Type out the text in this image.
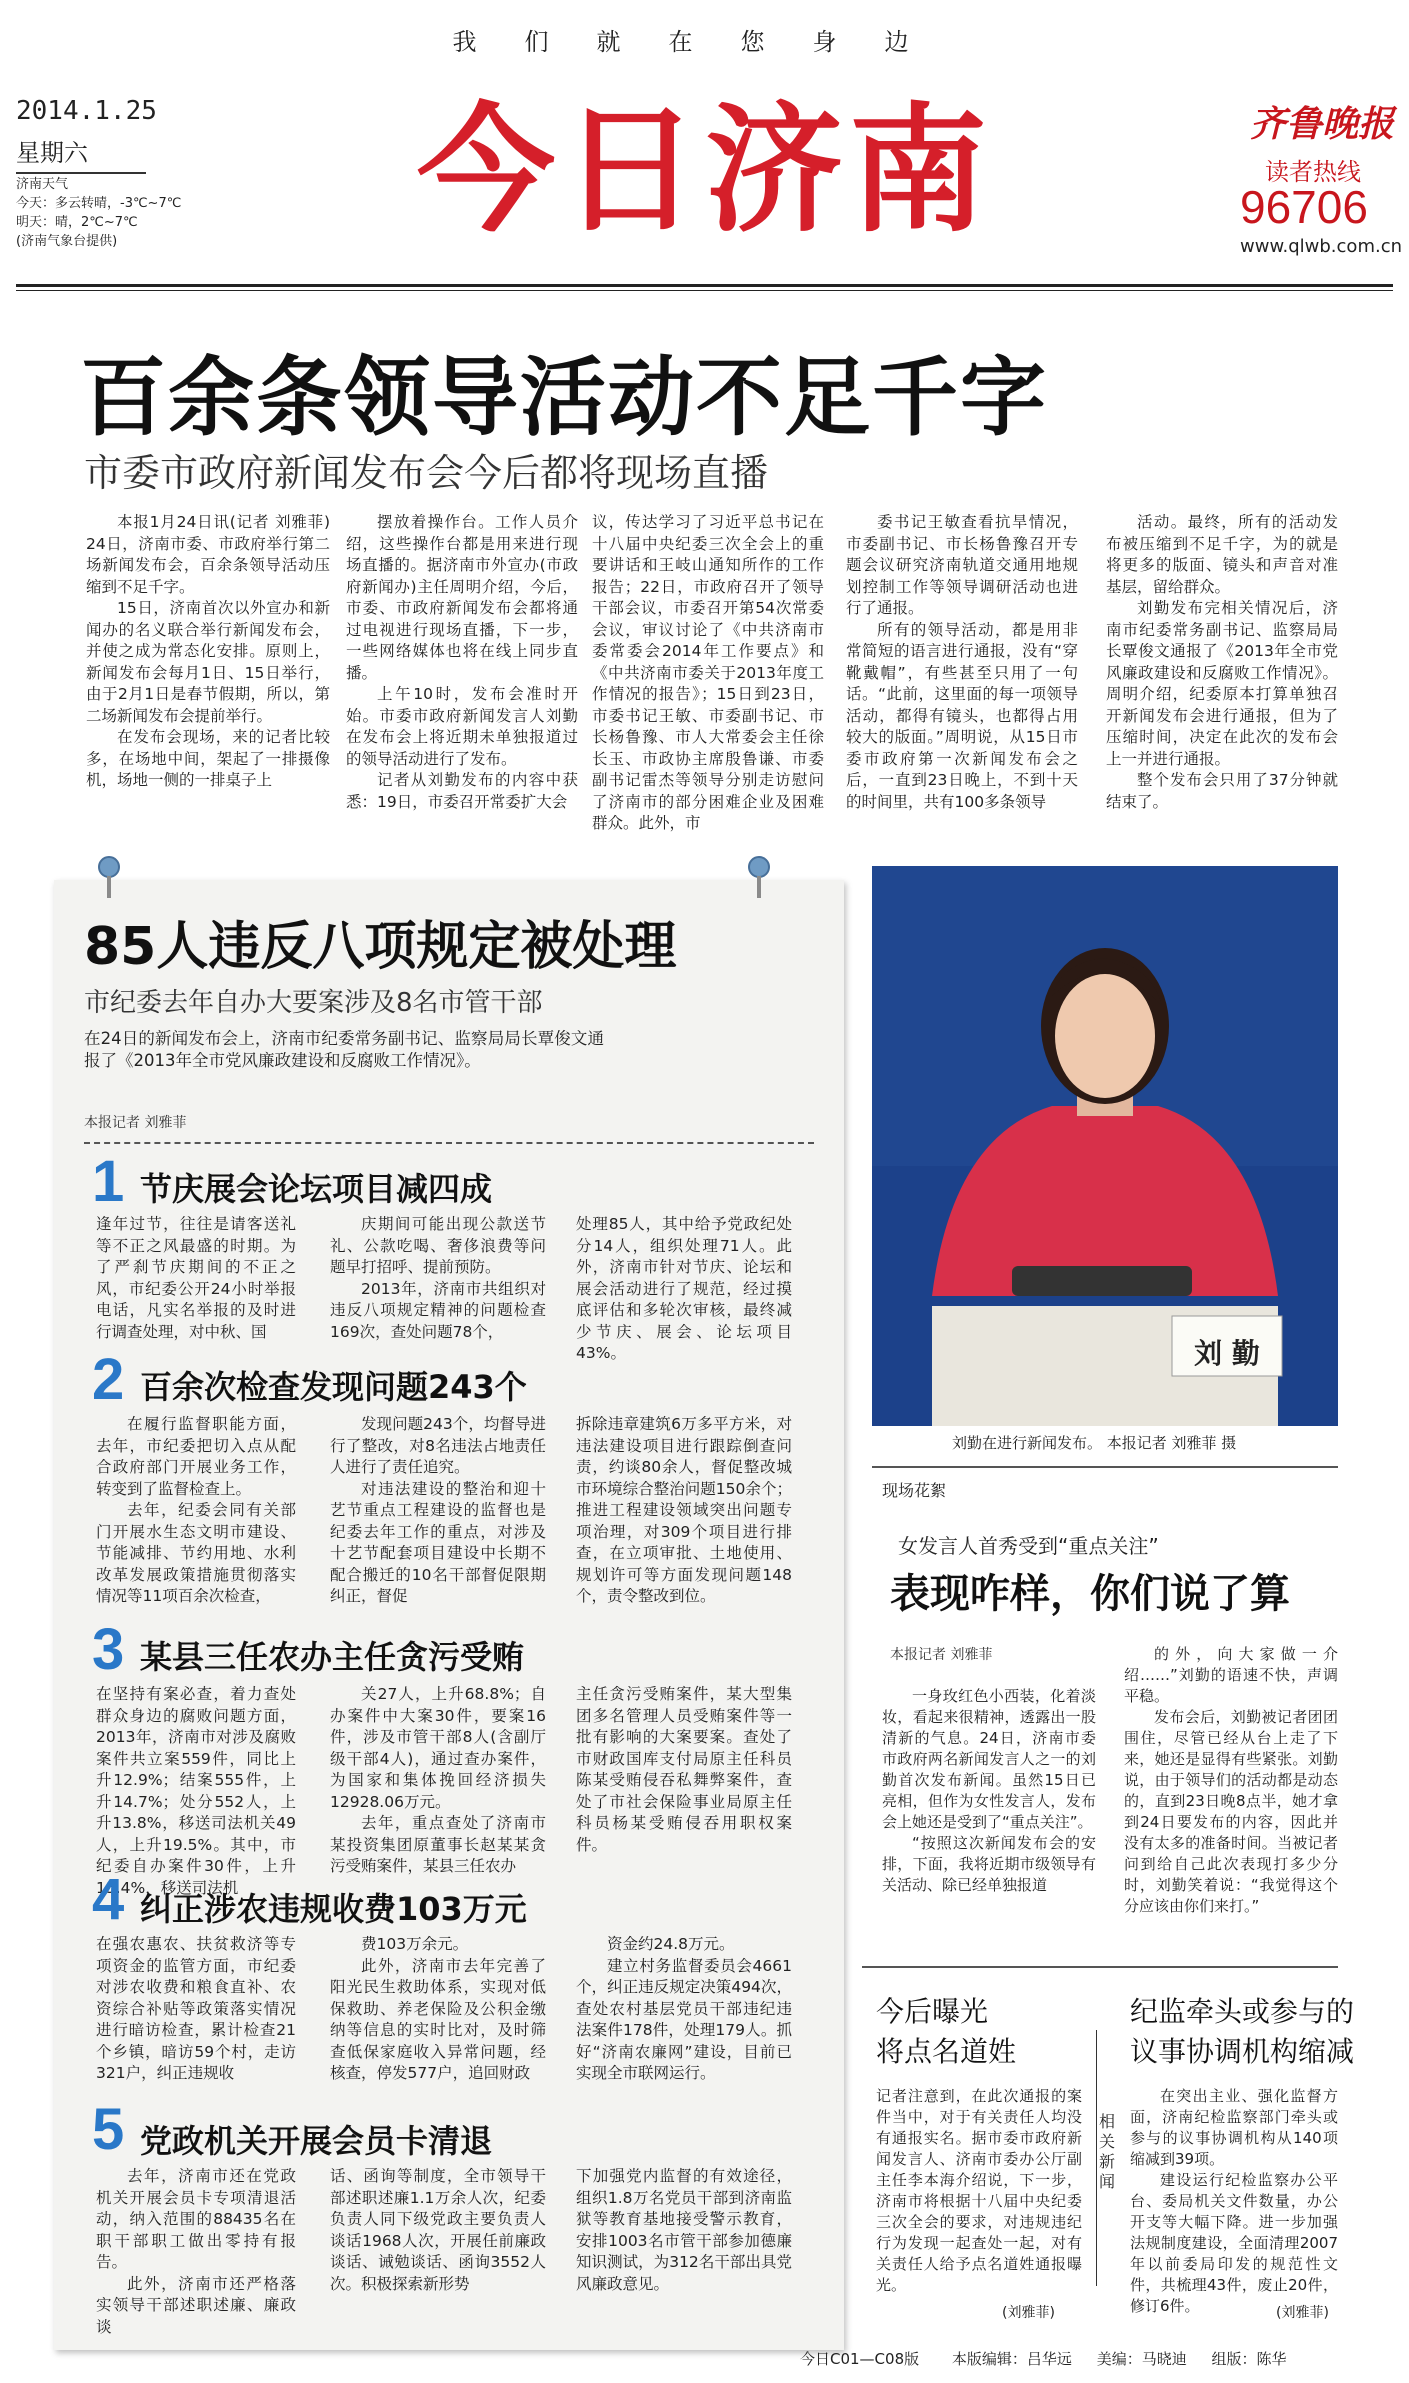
我们就在您身边
2014.1.25
星期六
济南天气
今天：多云转晴，-3℃~7℃
明天：晴，2℃~7℃
(济南气象台提供)	今日济南	齐鲁晚报
读者热线
96706
www.qlwb.com.cn
百余条领导活动不足千字
市委市政府新闻发布会今后都将现场直播

本报1月24日讯(记者 刘雅菲) 24日，济南市委、市政府举行第二场新闻发布会，百余条领导活动压缩到不足千字。

15日，济南首次以外宣办和新闻办的名义联合举行新闻发布会，并使之成为常态化安排。原则上，新闻发布会每月1日、15日举行，由于2月1日是春节假期，所以，第二场新闻发布会提前举行。

在发布会现场，来的记者比较多，在场地中间，架起了一排摄像机，场地一侧的一排桌子上

摆放着操作台。工作人员介绍，这些操作台都是用来进行现场直播的。据济南市外宣办(市政府新闻办)主任周明介绍，今后，市委、市政府新闻发布会都将通过电视进行现场直播，下一步，一些网络媒体也将在线上同步直播。

上午10时，发布会准时开始。市委市政府新闻发言人刘勤在发布会上将近期未单独报道过的领导活动进行了发布。

记者从刘勤发布的内容中获悉：19日，市委召开常委扩大会

议，传达学习了习近平总书记在十八届中央纪委三次全会上的重要讲话和王岐山通知所作的工作报告；22日，市政府召开了领导干部会议，市委召开第54次常委会议，审议讨论了《中共济南市委常委会2014年工作要点》和《中共济南市委关于2013年度工作情况的报告》；15日到23日，市委书记王敏、市委副书记、市长杨鲁豫、市人大常委会主任徐长玉、市政协主席殷鲁谦、市委副书记雷杰等领导分别走访慰问了济南市的部分困难企业及困难群众。此外，市

委书记王敏查看抗旱情况，市委副书记、市长杨鲁豫召开专题会议研究济南轨道交通用地规划控制工作等领导调研活动也进行了通报。

所有的领导活动，都是用非常简短的语言进行通报，没有“穿靴戴帽”，有些甚至只用了一句话。“此前，这里面的每一项领导活动，都得有镜头，也都得占用较大的版面。”周明说，从15日市委市政府第一次新闻发布会之后，一直到23日晚上，不到十天的时间里，共有100多条领导

活动。最终，所有的活动发布被压缩到不足千字，为的就是将更多的版面、镜头和声音对准基层，留给群众。

刘勤发布完相关情况后，济南市纪委常务副书记、监察局局长覃俊文通报了《2013年全市党风廉政建设和反腐败工作情况》。周明介绍，纪委原本打算单独召开新闻发布会进行通报，但为了压缩时间，决定在此次的发布会上一并进行通报。

整个发布会只用了37分钟就结束了。

85人违反八项规定被处理
市纪委去年自办大要案涉及8名市管干部
在24日的新闻发布会上，济南市纪委常务副书记、监察局局长覃俊文通报了《2013年全市党风廉政建设和反腐败工作情况》。
本报记者 刘雅菲
1 节庆展会论坛项目减四成
逢年过节，往往是请客送礼等不正之风最盛的时期。为了严刹节庆期间的不正之风，市纪委公开24小时举报电话，凡实名举报的及时进行调查处理，对中秋、国

庆期间可能出现公款送节礼、公款吃喝、奢侈浪费等问题早打招呼、提前预防。

2013年，济南市共组织对违反八项规定精神的问题检查169次，查处问题78个，

处理85人，其中给予党政纪处分14人，组织处理71人。此外，济南市针对节庆、论坛和展会活动进行了规范，经过摸底评估和多轮次审核，最终减少节庆、展会、论坛项目43%。
2 百余次检查发现问题243个

在履行监督职能方面，去年，市纪委把切入点从配合政府部门开展业务工作，转变到了监督检查上。

去年，纪委会同有关部门开展水生态文明市建设、节能减排、节约用地、水利改革发展政策措施贯彻落实情况等11项百余次检查，

发现问题243个，均督导进行了整改，对8名违法占地责任人进行了责任追究。

对违法建设的整治和迎十艺节重点工程建设的监督也是纪委去年工作的重点，对涉及十艺节配套项目建设中长期不配合搬迁的10名干部督促限期纠正，督促

拆除违章建筑6万多平方米，对违法建设项目进行跟踪倒查问责，约谈80余人，督促整改城市环境综合整治问题150余个；推进工程建设领域突出问题专项治理，对309个项目进行排查，在立项审批、土地使用、规划许可等方面发现问题148个，责令整改到位。
3 某县三任农办主任贪污受贿
在坚持有案必查，着力查处群众身边的腐败问题方面，2013年，济南市对涉及腐败案件共立案559件，同比上升12.9%；结案555件，上升14.7%；处分552人，上升13.8%，移送司法机关49人，上升19.5%。其中，市纪委自办案件30件，上升15.4%，移送司法机

关27人，上升68.8%；自办案件中大案30件，要案16件，涉及市管干部8人(含副厅级干部4人)，通过查办案件，为国家和集体挽回经济损失12928.06万元。

去年，重点查处了济南市某投资集团原董事长赵某某贪污受贿案件，某县三任农办

主任贪污受贿案件，某大型集团多名管理人员受贿案件等一批有影响的大案要案。查处了市财政国库支付局原主任科员陈某受贿侵吞私舞弊案件，查处了市社会保险事业局原主任科员杨某受贿侵吞用职权案件。
4 纠正涉农违规收费103万元
在强农惠农、扶贫救济等专项资金的监管方面，市纪委对涉农收费和粮食直补、农资综合补贴等政策落实情况进行暗访检查，累计检查21个乡镇，暗访59个村，走访321户，纠正违规收

费103万余元。

此外，济南市去年完善了阳光民生救助体系，实现对低保救助、养老保险及公积金缴纳等信息的实时比对，及时筛查低保家庭收入异常问题，经核查，停发577户，追回财政

资金约24.8万元。

建立村务监督委员会4661个，纠正违反规定决策494次，查处农村基层党员干部违纪违法案件178件，处理179人。抓好“济南农廉网”建设，目前已实现全市联网运行。

5 党政机关开展会员卡清退

去年，济南市还在党政机关开展会员卡专项清退活动，纳入范围的88435名在职干部职工做出零持有报告。

此外，济南市还严格落实领导干部述职述廉、廉政谈

话、函询等制度，全市领导干部述职述廉1.1万余人次，纪委负责人同下级党政主要负责人谈话1968人次，开展任前廉政谈话、诫勉谈话、函询3552人次。积极探索新形势
下加强党内监督的有效途径，组织1.8万名党员干部到济南监狱等教育基地接受警示教育，安排1003名市管干部参加德廉知识测试，为312名干部出具党风廉政意见。
刘 勤
刘勤在进行新闻发布。 本报记者 刘雅菲 摄
现场花絮
女发言人首秀受到“重点关注”
表现咋样，你们说了算
本报记者 刘雅菲

一身玫红色小西装，化着淡妆，看起来很精神，透露出一股清新的气息。24日，济南市委市政府两名新闻发言人之一的刘勤首次发布新闻。虽然15日已亮相，但作为女性发言人，发布会上她还是受到了“重点关注”。

“按照这次新闻发布会的安排，下面，我将近期市级领导有关活动、除已经单独报道

的外，向大家做一介绍……”刘勤的语速不快，声调平稳。

发布会后，刘勤被记者团团围住，尽管已经从台上走了下来，她还是显得有些紧张。刘勤说，由于领导们的活动都是动态的，直到23日晚8点半，她才拿到24日要发布的内容，因此并没有太多的准备时间。当被记者问到给自己此次表现打多少分时，刘勤笑着说：“我觉得这个分应该由你们来打。”

今后曝光
将点名道姓
记者注意到，在此次通报的案件当中，对于有关责任人均没有通报实名。据市委市政府新闻发言人、济南市委办公厅副主任李本海介绍说，下一步，济南市将根据十八届中央纪委三次全会的要求，对违规违纪行为发现一起查处一起，对有关责任人给予点名道姓通报曝光。
(刘雅菲)
相关新闻
纪监牵头或参与的
议事协调机构缩减

在突出主业、强化监督方面，济南纪检监察部门牵头或参与的议事协调机构从140项缩减到39项。

建设运行纪检监察办公平台、委局机关文件数量，办公开支等大幅下降。进一步加强法规制度建设，全面清理2007年以前委局印发的规范性文件，共梳理43件，废止20件，修订6件。	(刘雅菲)
今日C01—C08版 本版编辑：吕华远 美编：马晓迪 组版：陈华
